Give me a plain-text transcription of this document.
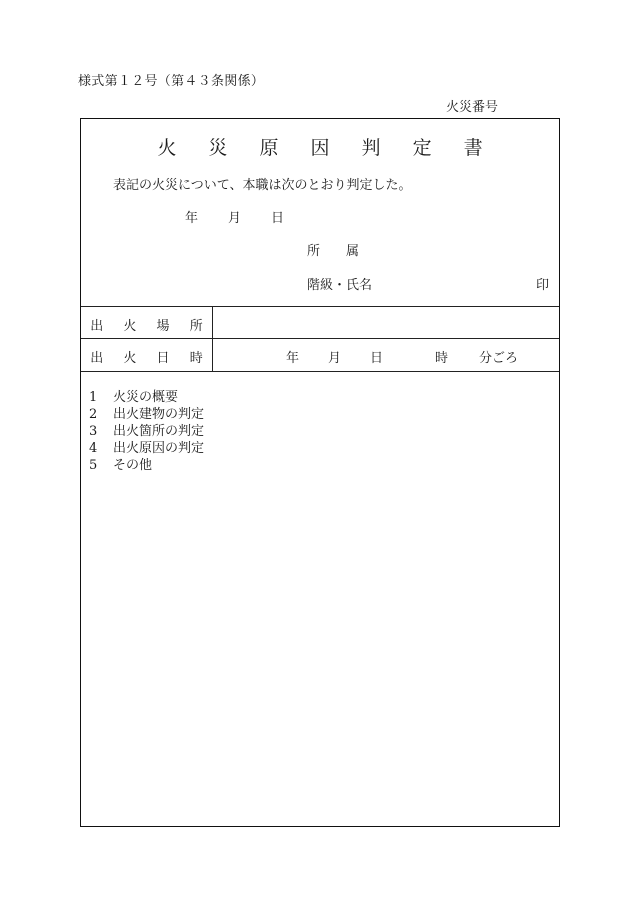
様式第１２号（第４３条関係）
火災番号
火 災 原 因 判 定 書
表記の火災について、本職は次のとおり判定した。
年 月 日
所　　属
階級・氏名	印
出 火 場 所
出 火 日 時	年 月 日	時 分ごろ
1 火災の概要
2 出火建物の判定
3 出火箇所の判定
4 出火原因の判定
5 その他
